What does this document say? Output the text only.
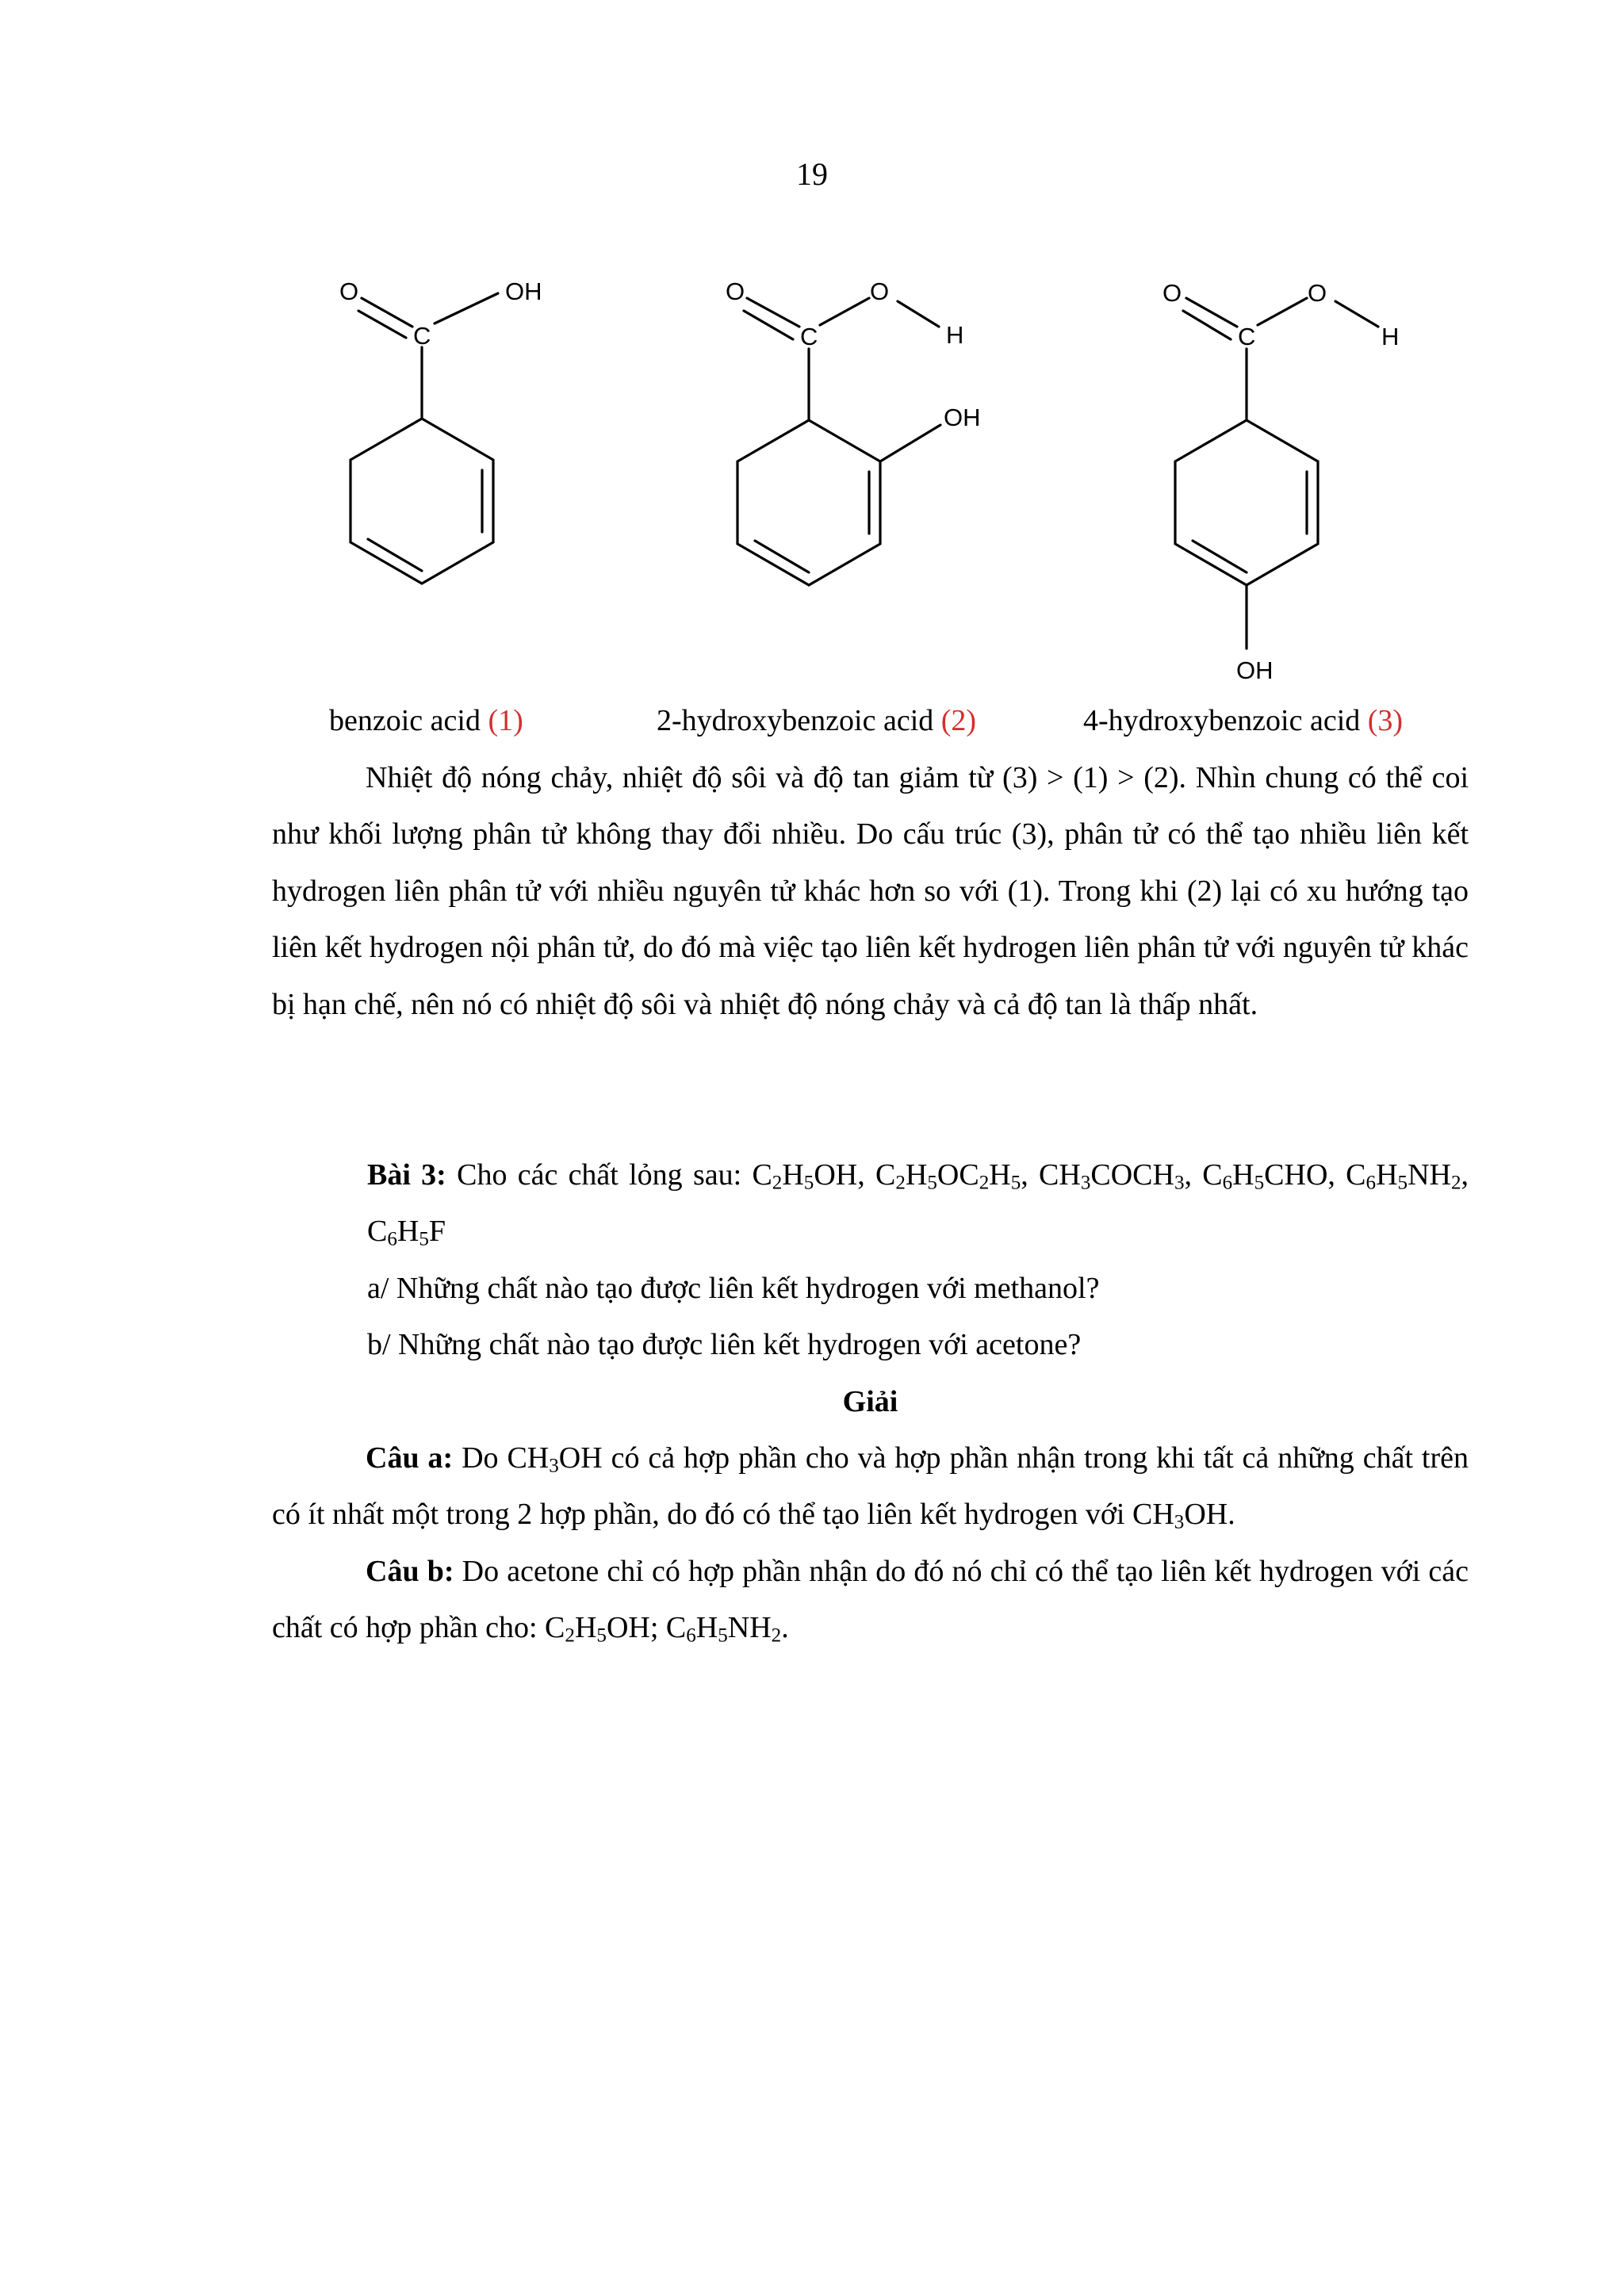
19
O	OH
C
O	O
C	H
OH
O	O
C	H
OH
benzoic acid (1)	2-hydroxybenzoic acid (2)	4-hydroxybenzoic acid (3)

Nhiệt độ nóng chảy, nhiệt độ sôi và độ tan giảm từ (3) > (1) > (2). Nhìn chung có thể coi như khối lượng phân tử không thay đổi nhiều. Do cấu trúc (3), phân tử có thể tạo nhiều liên kết hydrogen liên phân tử với nhiều nguyên tử khác hơn so với (1). Trong khi (2) lại có xu hướng tạo liên kết hydrogen nội phân tử, do đó mà việc tạo liên kết hydrogen liên phân tử với nguyên tử khác bị hạn chế, nên nó có nhiệt độ sôi và nhiệt độ nóng chảy và cả độ tan là thấp nhất.

Bài 3: Cho các chất lỏng sau: $C_2H_5OH$, $C_2H_5OC_2H_5$, $CH_3COCH_3$, $C_6H_5CHO$, $C_6H_5NH_2$, $C_6H_5F$

a/ Những chất nào tạo được liên kết hydrogen với methanol?

b/ Những chất nào tạo được liên kết hydrogen với acetone?

Giải

Câu a: Do $CH_3OH$ có cả hợp phần cho và hợp phần nhận trong khi tất cả những chất trên có ít nhất một trong 2 hợp phần, do đó có thể tạo liên kết hydrogen với $CH_3OH$.

Câu b: Do acetone chỉ có hợp phần nhận do đó nó chỉ có thể tạo liên kết hydrogen với các chất có hợp phần cho: $C_2H_5OH$; $C_6H_5NH_2$.
